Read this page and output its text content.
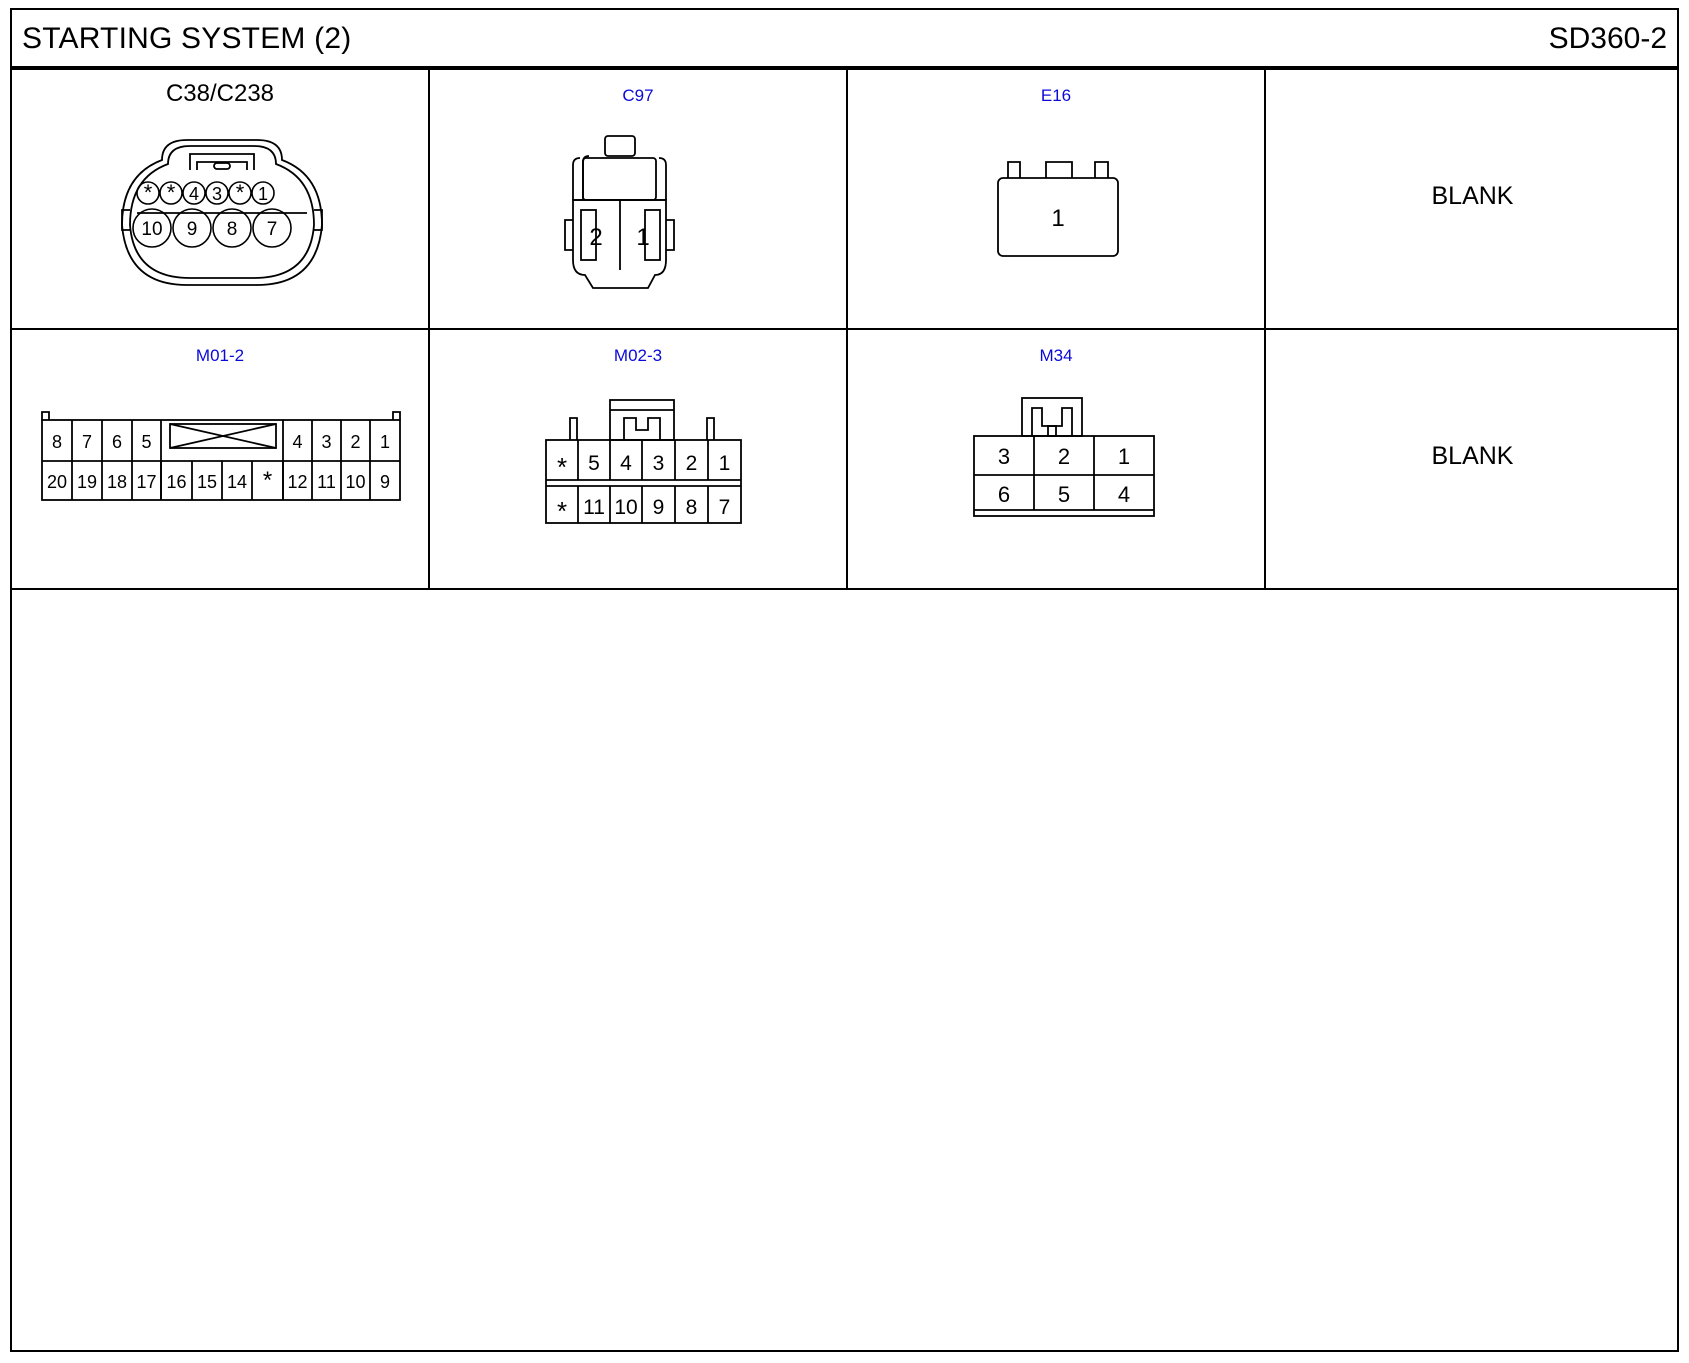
STARTING SYSTEM (2)	SD360-2
C38/C238
* * 4 3 * 1
10 9 8 7
C97
2 1
E16
1
BLANK
M01-2
8 7 6 5	4 3 2 1
20 19 18 17 16 15 14 * 12 11 10 9
M02-3
* 5 4 3 2 1
* 11 10 9 8 7
M34
3 2 1
6 5 4
BLANK
